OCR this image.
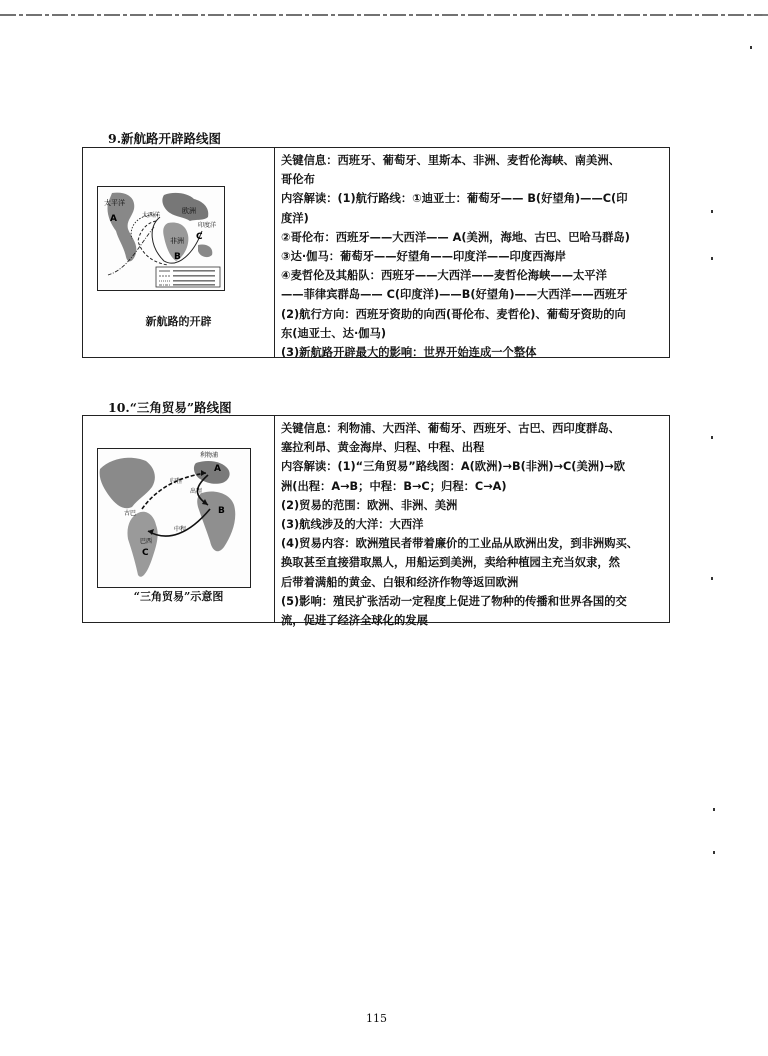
9.新航路开辟路线图
太平洋
A
欧洲
大西洋
非洲
B
C
印度洋
新航路的开辟

关键信息：西班牙、葡萄牙、里斯本、非洲、麦哲伦海峡、南美洲、

哥伦布

内容解读：(1)航行路线：①迪亚士：葡萄牙—— B(好望角)——C(印

度洋)

②哥伦布：西班牙——大西洋—— A(美洲，海地、古巴、巴哈马群岛)

③达·伽马：葡萄牙——好望角——印度洋——印度西海岸

④麦哲伦及其船队：西班牙——大西洋——麦哲伦海峡——太平洋

——菲律宾群岛—— C(印度洋)——B(好望角)——大西洋——西班牙

(2)航行方向：西班牙资助的向西(哥伦布、麦哲伦)、葡萄牙资助的向

东(迪亚士、达·伽马)

(3)新航路开辟最大的影响：世界开始连成一个整体

10.“三角贸易”路线图
利物浦
A
B
C
归程
出程
中程
古巴
巴西
“三角贸易”示意图

关键信息：利物浦、大西洋、葡萄牙、西班牙、古巴、西印度群岛、

塞拉利昂、黄金海岸、归程、中程、出程

内容解读：(1)“三角贸易”路线图：A(欧洲)→B(非洲)→C(美洲)→欧

洲(出程：A→B；中程：B→C；归程：C→A)

(2)贸易的范围：欧洲、非洲、美洲

(3)航线涉及的大洋：大西洋

(4)贸易内容：欧洲殖民者带着廉价的工业品从欧洲出发，到非洲购买、

换取甚至直接猎取黑人，用船运到美洲，卖给种植园主充当奴隶，然

后带着满船的黄金、白银和经济作物等返回欧洲

(5)影响：殖民扩张活动一定程度上促进了物种的传播和世界各国的交

流，促进了经济全球化的发展

115
